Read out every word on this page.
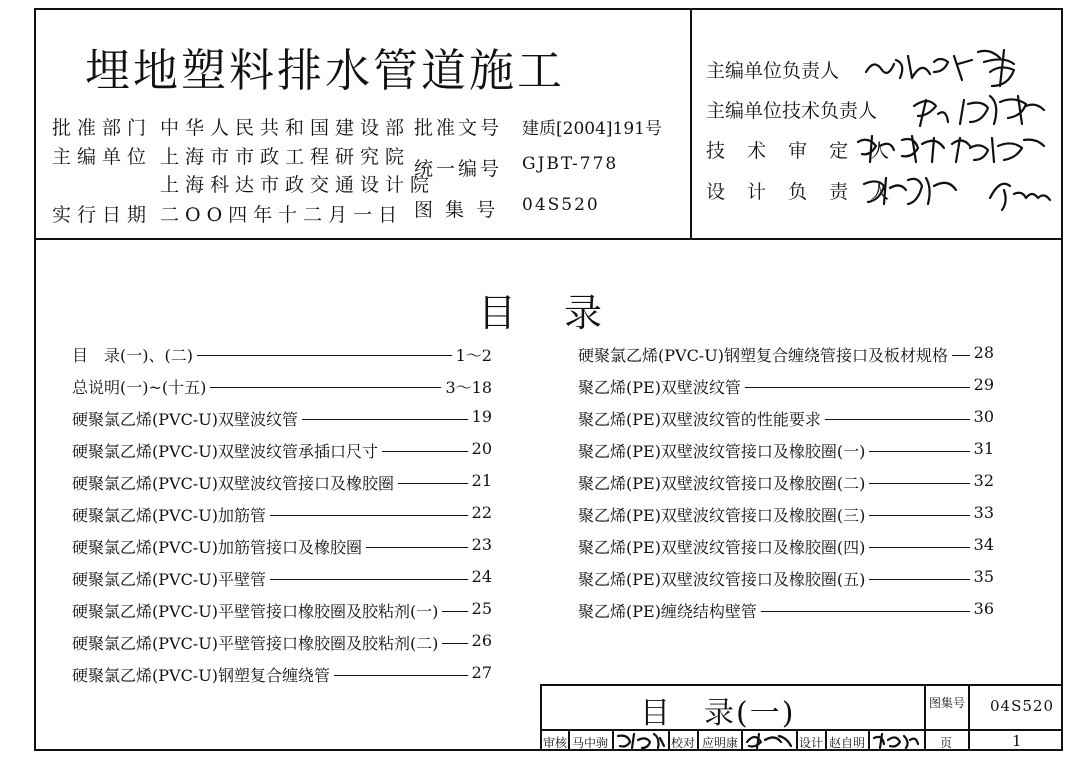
埋地塑料排水管道施工
批准部门 中华人民共和国建设部
主编单位 上海市市政工程研究院
上海科达市政交通设计院
实行日期 二OO四年十二月一日
批准文号 建质[2004]191号
统一编号 GJBT-778
图 集 号 04S520
主编单位负责人
主编单位技术负责人
技 术 审 定 人
设 计 负 责 人
目 录
目　录(一)、(二)	1～2
总说明(一)~(十五)	3～18
硬聚氯乙烯(PVC-U)双壁波纹管	19
硬聚氯乙烯(PVC-U)双壁波纹管承插口尺寸	20
硬聚氯乙烯(PVC-U)双壁波纹管接口及橡胶圈	21
硬聚氯乙烯(PVC-U)加筋管	22
硬聚氯乙烯(PVC-U)加筋管接口及橡胶圈	23
硬聚氯乙烯(PVC-U)平壁管	24
硬聚氯乙烯(PVC-U)平壁管接口橡胶圈及胶粘剂(一) 25
硬聚氯乙烯(PVC-U)平壁管接口橡胶圈及胶粘剂(二) 26
硬聚氯乙烯(PVC-U)钢塑复合缠绕管	27
硬聚氯乙烯(PVC-U)钢塑复合缠绕管接口及板材规格 28
聚乙烯(PE)双壁波纹管	29
聚乙烯(PE)双壁波纹管的性能要求	30
聚乙烯(PE)双壁波纹管接口及橡胶圈(一)	31
聚乙烯(PE)双壁波纹管接口及橡胶圈(二)	32
聚乙烯(PE)双壁波纹管接口及橡胶圈(三)	33
聚乙烯(PE)双壁波纹管接口及橡胶圈(四)	34
聚乙烯(PE)双壁波纹管接口及橡胶圈(五)	35
聚乙烯(PE)缠绕结构壁管	36
目　录(一)	图集号 04S520
审核 马中驹	校对 应明康	设计 赵自明	页	1
